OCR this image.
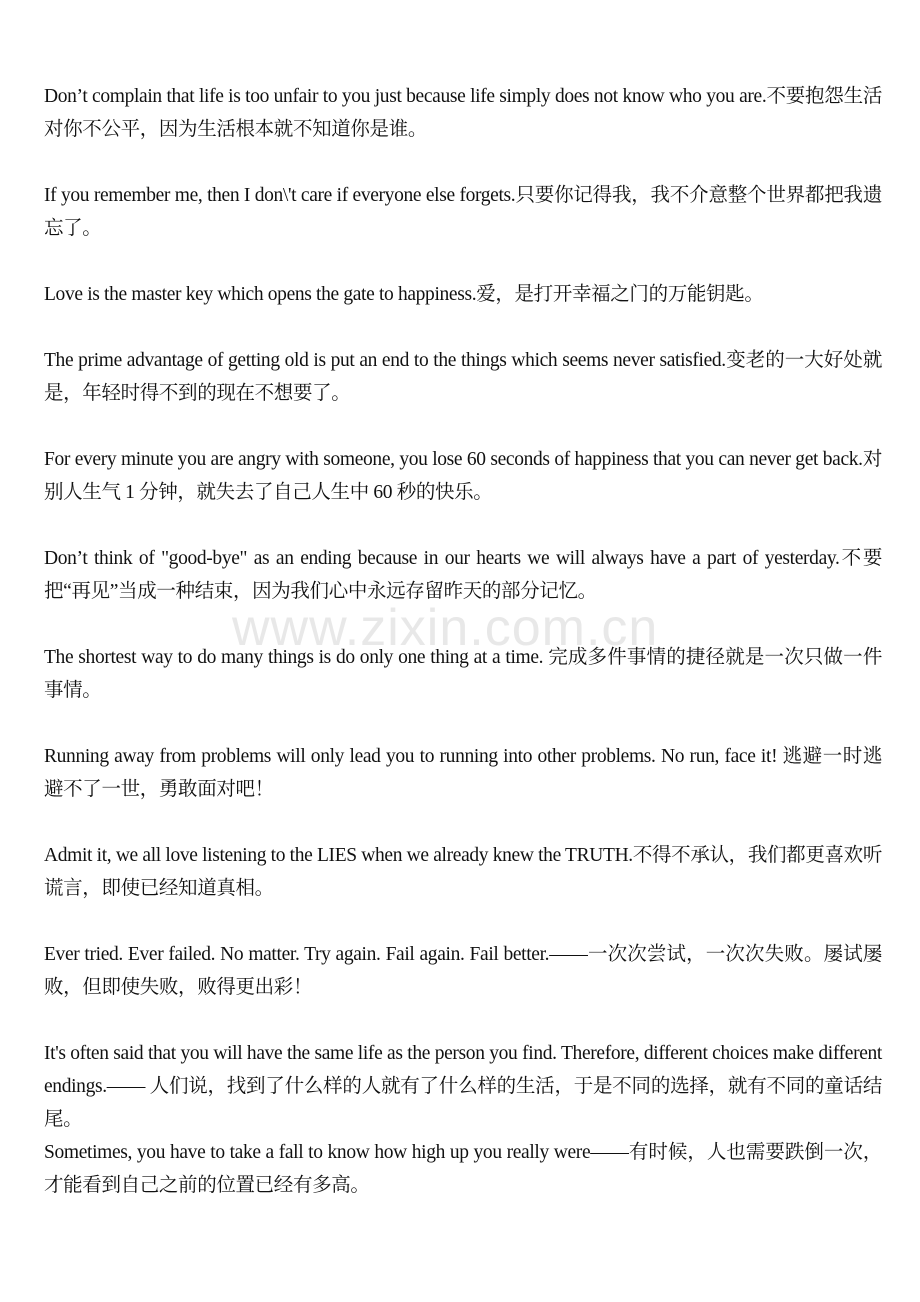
Don’t complain that life is too unfair to you just because life simply does not know who you are.不要抱怨生活对你不公平，因为生活根本就不知道你是谁。

If you remember me, then I don\'t care if everyone else forgets.只要你记得我，我不介意整个世界都把我遗忘了。

Love is the master key which opens the gate to happiness.爱，是打开幸福之门的万能钥匙。

The prime advantage of getting old is put an end to the things which seems never satisfied.变老的一大好处就是，年轻时得不到的现在不想要了。

For every minute you are angry with someone, you lose 60 seconds of happiness that you can never get back.对别人生气 1 分钟，就失去了自己人生中 60 秒的快乐。

Don’t think of "good-bye" as an ending because in our hearts we will always have a part of yesterday.不要把“再见”当成一种结束，因为我们心中永远存留昨天的部分记忆。

The shortest way to do many things is do only one thing at a time. 完成多件事情的捷径就是一次只做一件事情。

Running away from problems will only lead you to running into other problems. No run, face it! 逃避一时逃避不了一世，勇敢面对吧！

Admit it, we all love listening to the LIES when we already knew the TRUTH.不得不承认，我们都更喜欢听谎言，即使已经知道真相。

Ever tried. Ever failed. No matter. Try again. Fail again. Fail better.——一次次尝试，一次次失败。屡试屡败，但即使失败，败得更出彩！

It's often said that you will have the same life as the person you find. Therefore, different choices make different endings.—— 人们说，找到了什么样的人就有了什么样的生活，于是不同的选择，就有不同的童话结尾。

Sometimes, you have to take a fall to know how high up you really were——有时候，人也需要跌倒一次，才能看到自己之前的位置已经有多高。

www.zixin.com.cn
